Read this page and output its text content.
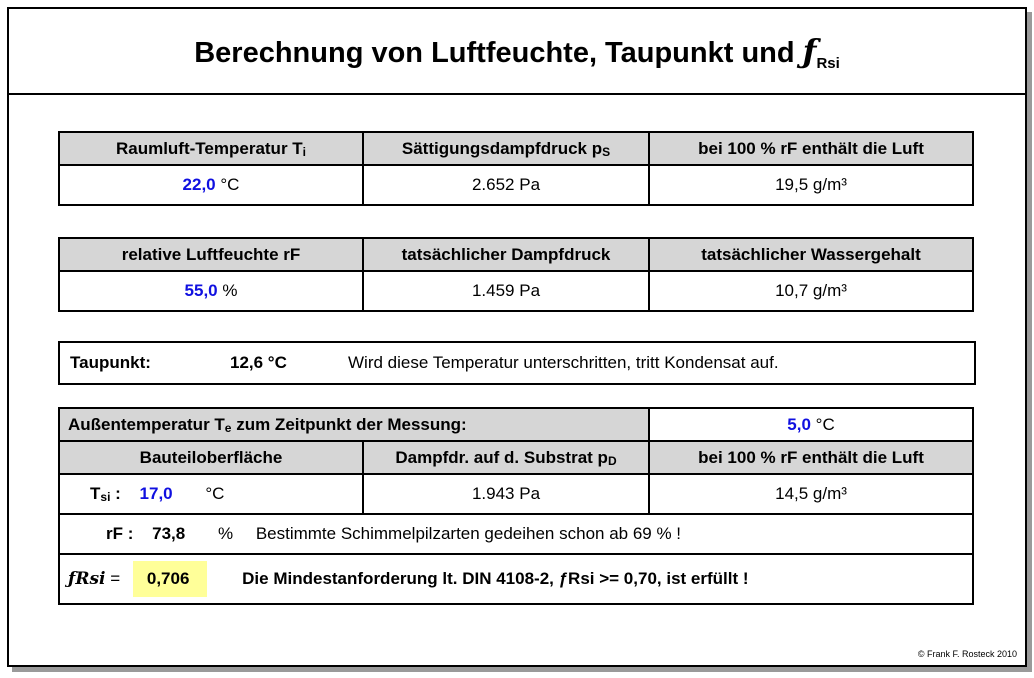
Berechnung von Luftfeuchte, Taupunkt und $ƒ_{Rsi}$
Raumluft-Temperatur $T_i$	Sättigungsdampfdruck $p_S$	bei 100 % rF enthält die Luft
22,0 °C	2.652 Pa	19,5 g/m³
relative Luftfeuchte rF	tatsächlicher Dampfdruck	tatsächlicher Wassergehalt
55,0 %	1.459 Pa	10,7 g/m³
Taupunkt:	12,6 °C	Wird diese Temperatur unterschritten, tritt Kondensat auf.
Außentemperatur $T_e$ zum Zeitpunkt der Messung:		5,0 °C
Bauteiloberfläche	Dampfdr. auf d. Substrat $p_D$	bei 100 % rF enthält die Luft
$T_{si}$ : 17,0 °C	1.943 Pa	14,5 g/m³
rF : 73,8 % Bestimmte Schimmelpilzarten gedeihen schon ab 69 % !		
ƒRsi = 0,706 Die Mindestanforderung lt. DIN 4108-2, ƒRsi >= 0,70, ist erfüllt !		
© Frank F. Rosteck 2010
